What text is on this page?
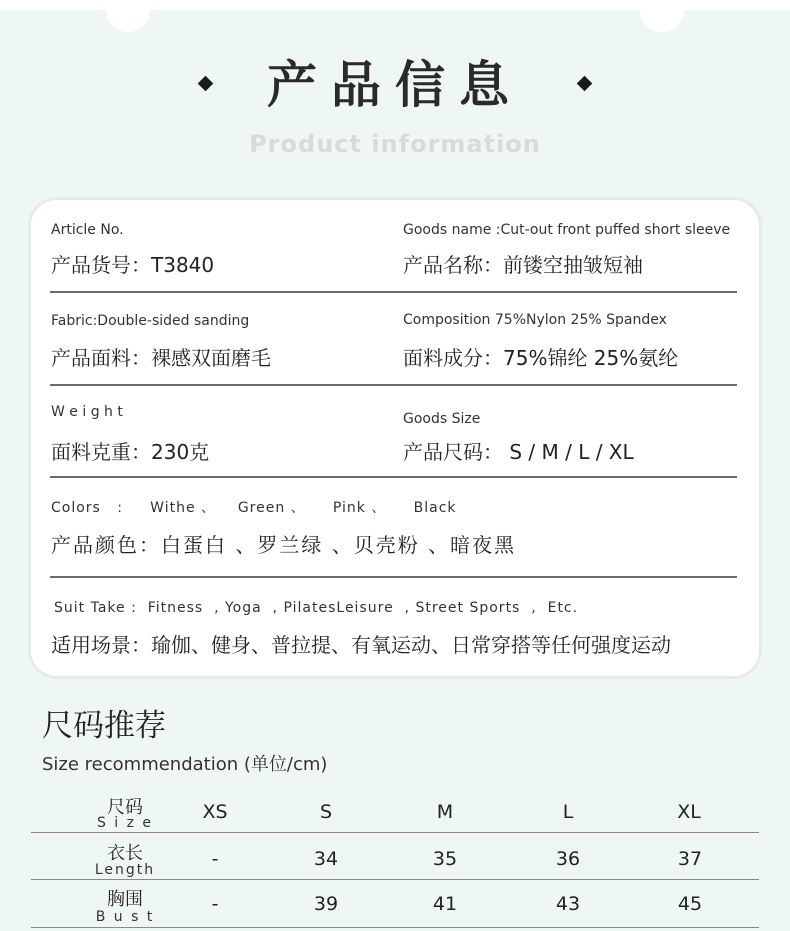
产品信息
Product information
Article No.
产品货号：T3840
Goods name :Cut-out front puffed short sleeve
产品名称：前镂空抽皱短袖
Fabric:Double-sided sanding
产品面料：裸感双面磨毛
Composition 75%Nylon 25% Spandex
面料成分：75%锦纶 25%氨纶
W e i g h t
面料克重：230克
Goods Size
产品尺码： S / M / L / XL
Colors   :     Withe 、    Green 、     Pink 、     Black
产品颜色：白蛋白 、罗兰绿 、贝壳粉 、暗夜黑
Suit Take :  Fitness  , Yoga  , PilatesLeisure  , Street Sports  ,  Etc.
适用场景：瑜伽、健身、普拉提、有氧运动、日常穿搭等任何强度运动
尺码推荐
Size recommendation (单位/cm)
尺码
S i z e	XS	S	M	L	XL
衣长
Length	-	34	35	36	37
胸围
B u s t
-	39	41	43	45
